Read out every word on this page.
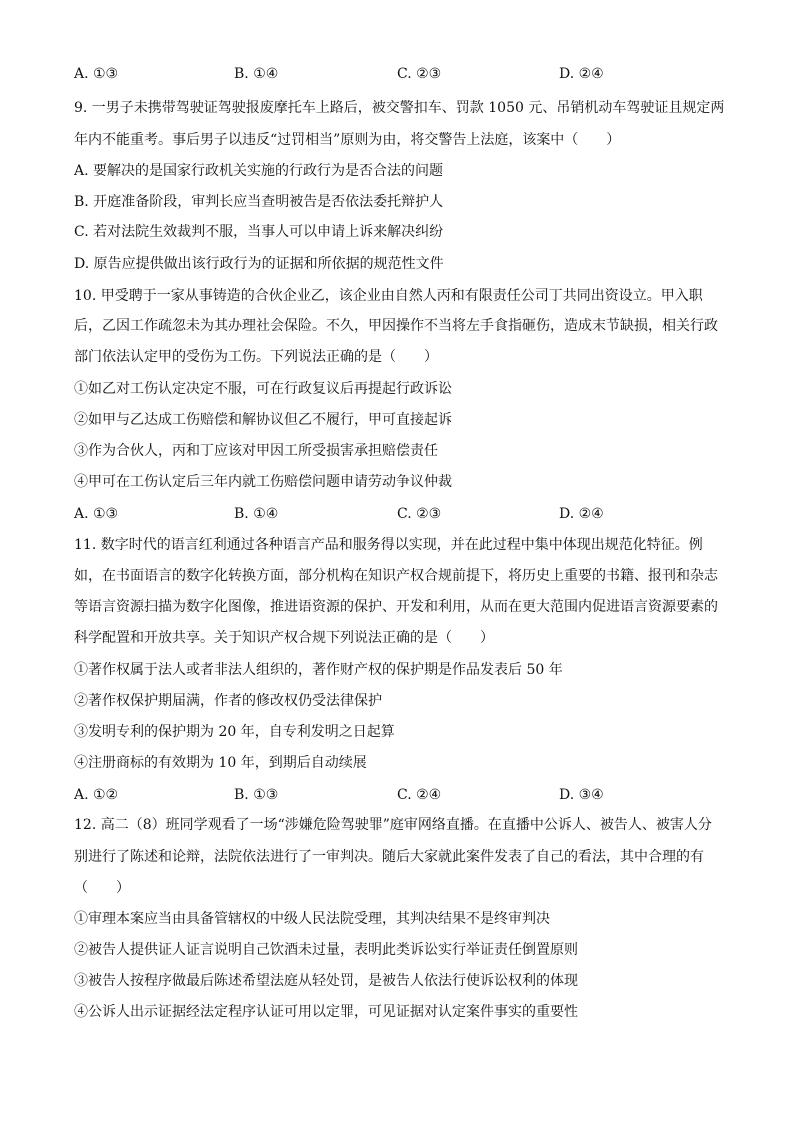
A. ①③	B. ①④	C. ②③	D. ②④
9. 一男子未携带驾驶证驾驶报废摩托车上路后，被交警扣车、罚款 1050 元、吊销机动车驾驶证且规定两
年内不能重考。事后男子以违反“过罚相当”原则为由，将交警告上法庭，该案中（　　）
A. 要解决的是国家行政机关实施的行政行为是否合法的问题
B. 开庭准备阶段，审判长应当查明被告是否依法委托辩护人
C. 若对法院生效裁判不服，当事人可以申请上诉来解决纠纷
D. 原告应提供做出该行政行为的证据和所依据的规范性文件
10. 甲受聘于一家从事铸造的合伙企业乙，该企业由自然人丙和有限责任公司丁共同出资设立。甲入职
后，乙因工作疏忽未为其办理社会保险。不久，甲因操作不当将左手食指砸伤，造成末节缺损，相关行政
部门依法认定甲的受伤为工伤。下列说法正确的是（　　）
①如乙对工伤认定决定不服，可在行政复议后再提起行政诉讼
②如甲与乙达成工伤赔偿和解协议但乙不履行，甲可直接起诉
③作为合伙人，丙和丁应该对甲因工所受损害承担赔偿责任
④甲可在工伤认定后三年内就工伤赔偿问题申请劳动争议仲裁
A. ①③	B. ①④	C. ②③	D. ②④
11. 数字时代的语言红利通过各种语言产品和服务得以实现，并在此过程中集中体现出规范化特征。例
如，在书面语言的数字化转换方面，部分机构在知识产权合规前提下，将历史上重要的书籍、报刊和杂志
等语言资源扫描为数字化图像，推进语资源的保护、开发和利用，从而在更大范围内促进语言资源要素的
科学配置和开放共享。关于知识产权合规下列说法正确的是（　　）
①著作权属于法人或者非法人组织的，著作财产权的保护期是作品发表后 50 年
②著作权保护期届满，作者的修改权仍受法律保护
③发明专利的保护期为 20 年，自专利发明之日起算
④注册商标的有效期为 10 年，到期后自动续展
A. ①②	B. ①③	C. ②④	D. ③④
12. 高二（8）班同学观看了一场“涉嫌危险驾驶罪”庭审网络直播。在直播中公诉人、被告人、被害人分
别进行了陈述和论辩，法院依法进行了一审判决。随后大家就此案件发表了自己的看法，其中合理的有
（　　）
①审理本案应当由具备管辖权的中级人民法院受理，其判决结果不是终审判决
②被告人提供证人证言说明自己饮酒未过量，表明此类诉讼实行举证责任倒置原则
③被告人按程序做最后陈述希望法庭从轻处罚，是被告人依法行使诉讼权利的体现
④公诉人出示证据经法定程序认证可用以定罪，可见证据对认定案件事实的重要性
